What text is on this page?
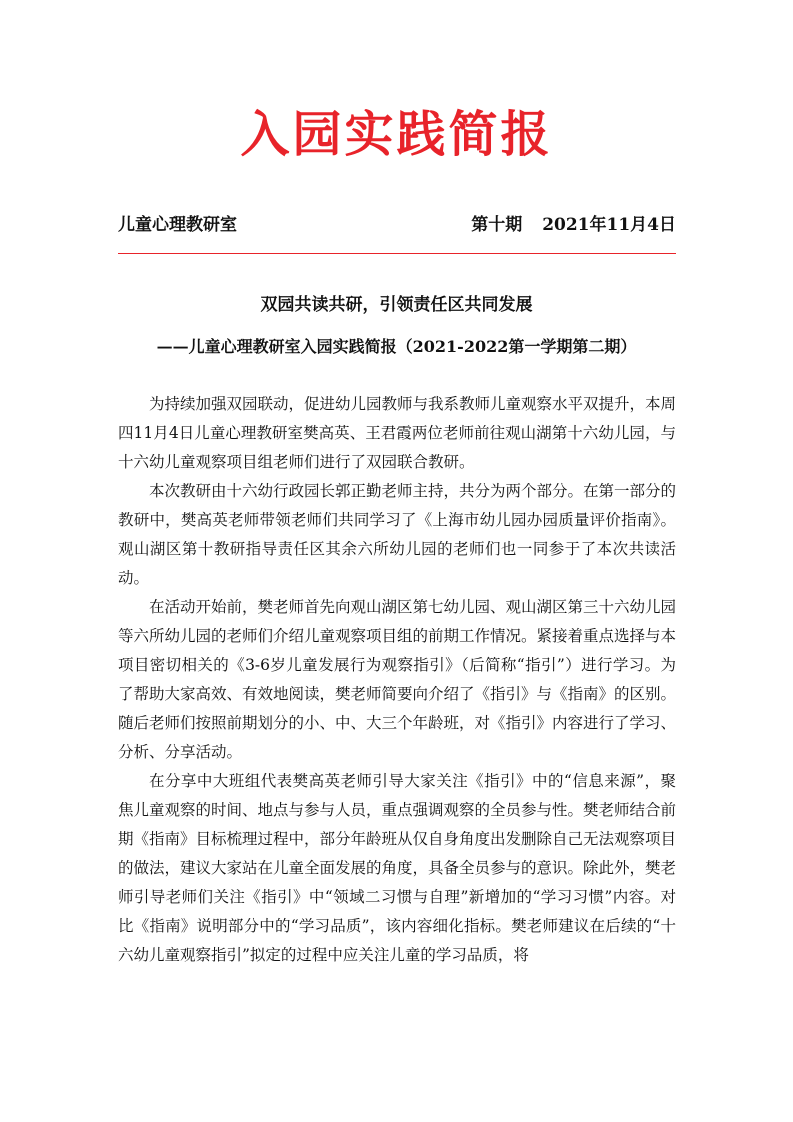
入园实践简报
儿童心理教研室	第十期 2021年11月4日
双园共读共研，引领责任区共同发展
——儿童心理教研室入园实践简报（2021-2022第一学期第二期）

为持续加强双园联动，促进幼儿园教师与我系教师儿童观察水平双提升，本周四11月4日儿童心理教研室樊高英、王君霞两位老师前往观山湖第十六幼儿园，与十六幼儿童观察项目组老师们进行了双园联合教研。

本次教研由十六幼行政园长郭正勤老师主持，共分为两个部分。在第一部分的教研中，樊高英老师带领老师们共同学习了《上海市幼儿园办园质量评价指南》。观山湖区第十教研指导责任区其余六所幼儿园的老师们也一同参于了本次共读活动。

在活动开始前，樊老师首先向观山湖区第七幼儿园、观山湖区第三十六幼儿园等六所幼儿园的老师们介绍儿童观察项目组的前期工作情况。紧接着重点选择与本项目密切相关的《3-6岁儿童发展行为观察指引》（后简称“指引”）进行学习。为了帮助大家高效、有效地阅读，樊老师简要向介绍了《指引》与《指南》的区别。随后老师们按照前期划分的小、中、大三个年龄班，对《指引》内容进行了学习、分析、分享活动。

在分享中大班组代表樊高英老师引导大家关注《指引》中的“信息来源”，聚焦儿童观察的时间、地点与参与人员，重点强调观察的全员参与性。樊老师结合前期《指南》目标梳理过程中，部分年龄班从仅自身角度出发删除自己无法观察项目的做法，建议大家站在儿童全面发展的角度，具备全员参与的意识。除此外，樊老师引导老师们关注《指引》中“领域二习惯与自理”新增加的“学习习惯”内容。对比《指南》说明部分中的“学习品质”，该内容细化指标。樊老师建议在后续的“十六幼儿童观察指引”拟定的过程中应关注儿童的学习品质，将
